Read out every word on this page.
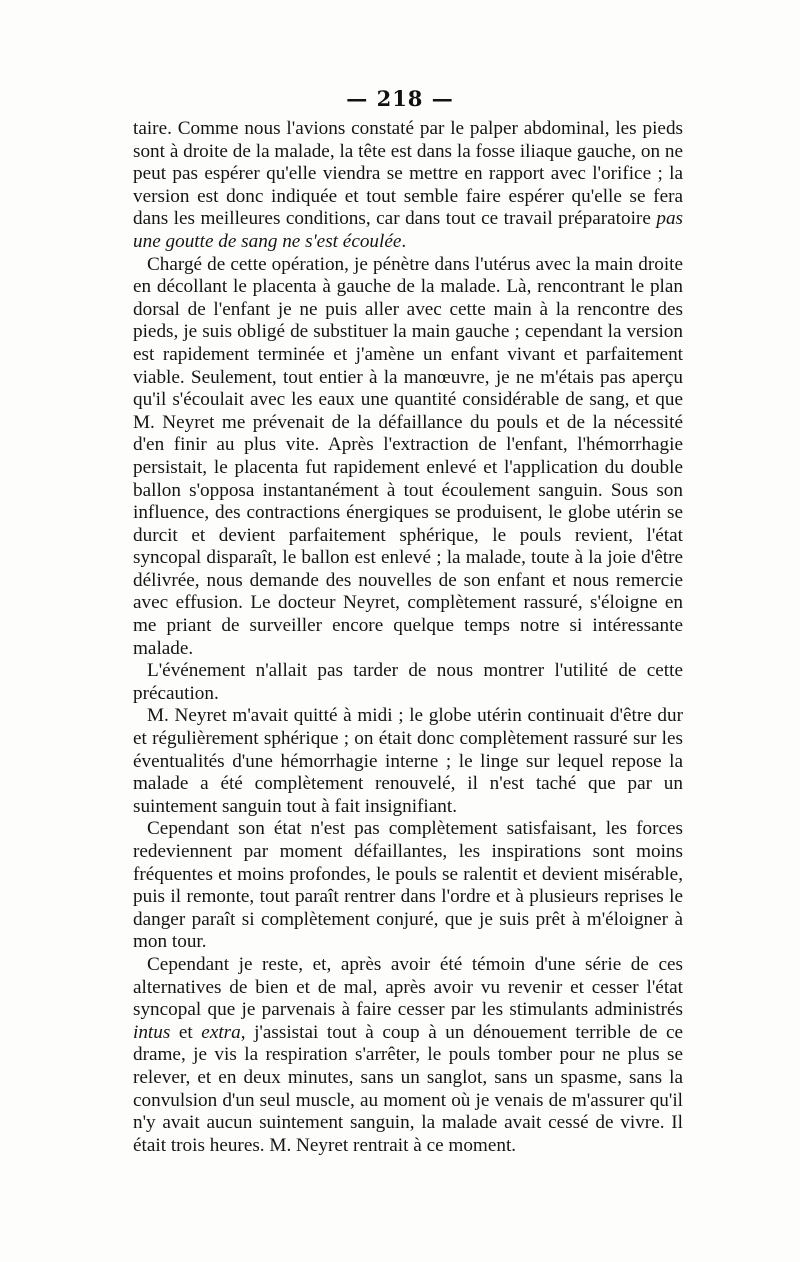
— 218 —

taire. Comme nous l'avions constaté par le palper abdominal, les pieds sont à droite de la malade, la tête est dans la fosse iliaque gauche, on ne peut pas espérer qu'elle viendra se mettre en rapport avec l'orifice ; la version est donc indiquée et tout semble faire espérer qu'elle se fera dans les meilleures conditions, car dans tout ce travail préparatoire pas une goutte de sang ne s'est écoulée.

Chargé de cette opération, je pénètre dans l'utérus avec la main droite en décollant le placenta à gauche de la malade. Là, rencontrant le plan dorsal de l'enfant je ne puis aller avec cette main à la rencontre des pieds, je suis obligé de substituer la main gauche ; cependant la version est rapidement terminée et j'amène un enfant vivant et parfaitement viable. Seulement, tout entier à la manœuvre, je ne m'étais pas aperçu qu'il s'écoulait avec les eaux une quantité considérable de sang, et que M. Neyret me prévenait de la défaillance du pouls et de la nécessité d'en finir au plus vite. Après l'extraction de l'enfant, l'hémorrhagie persistait, le placenta fut rapidement enlevé et l'application du double ballon s'opposa instantanément à tout écoulement sanguin. Sous son influence, des contractions énergiques se produisent, le globe utérin se durcit et devient parfaitement sphérique, le pouls revient, l'état syncopal disparaît, le ballon est enlevé ; la malade, toute à la joie d'être délivrée, nous demande des nouvelles de son enfant et nous remercie avec effusion. Le docteur Neyret, complètement rassuré, s'éloigne en me priant de surveiller encore quelque temps notre si intéressante malade.

L'événement n'allait pas tarder de nous montrer l'utilité de cette précaution.

M. Neyret m'avait quitté à midi ; le globe utérin continuait d'être dur et régulièrement sphérique ; on était donc complètement rassuré sur les éventualités d'une hémorrhagie interne ; le linge sur lequel repose la malade a été complètement renouvelé, il n'est taché que par un suintement sanguin tout à fait insignifiant.

Cependant son état n'est pas complètement satisfaisant, les forces redeviennent par moment défaillantes, les inspirations sont moins fréquentes et moins profondes, le pouls se ralentit et devient misérable, puis il remonte, tout paraît rentrer dans l'ordre et à plusieurs reprises le danger paraît si complètement conjuré, que je suis prêt à m'éloigner à mon tour.

Cependant je reste, et, après avoir été témoin d'une série de ces alternatives de bien et de mal, après avoir vu revenir et cesser l'état syncopal que je parvenais à faire cesser par les stimulants administrés intus et extra, j'assistai tout à coup à un dénouement terrible de ce drame, je vis la respiration s'arrêter, le pouls tomber pour ne plus se relever, et en deux minutes, sans un sanglot, sans un spasme, sans la convulsion d'un seul muscle, au moment où je venais de m'assurer qu'il n'y avait aucun suintement sanguin, la malade avait cessé de vivre. Il était trois heures. M. Neyret rentrait à ce moment.
